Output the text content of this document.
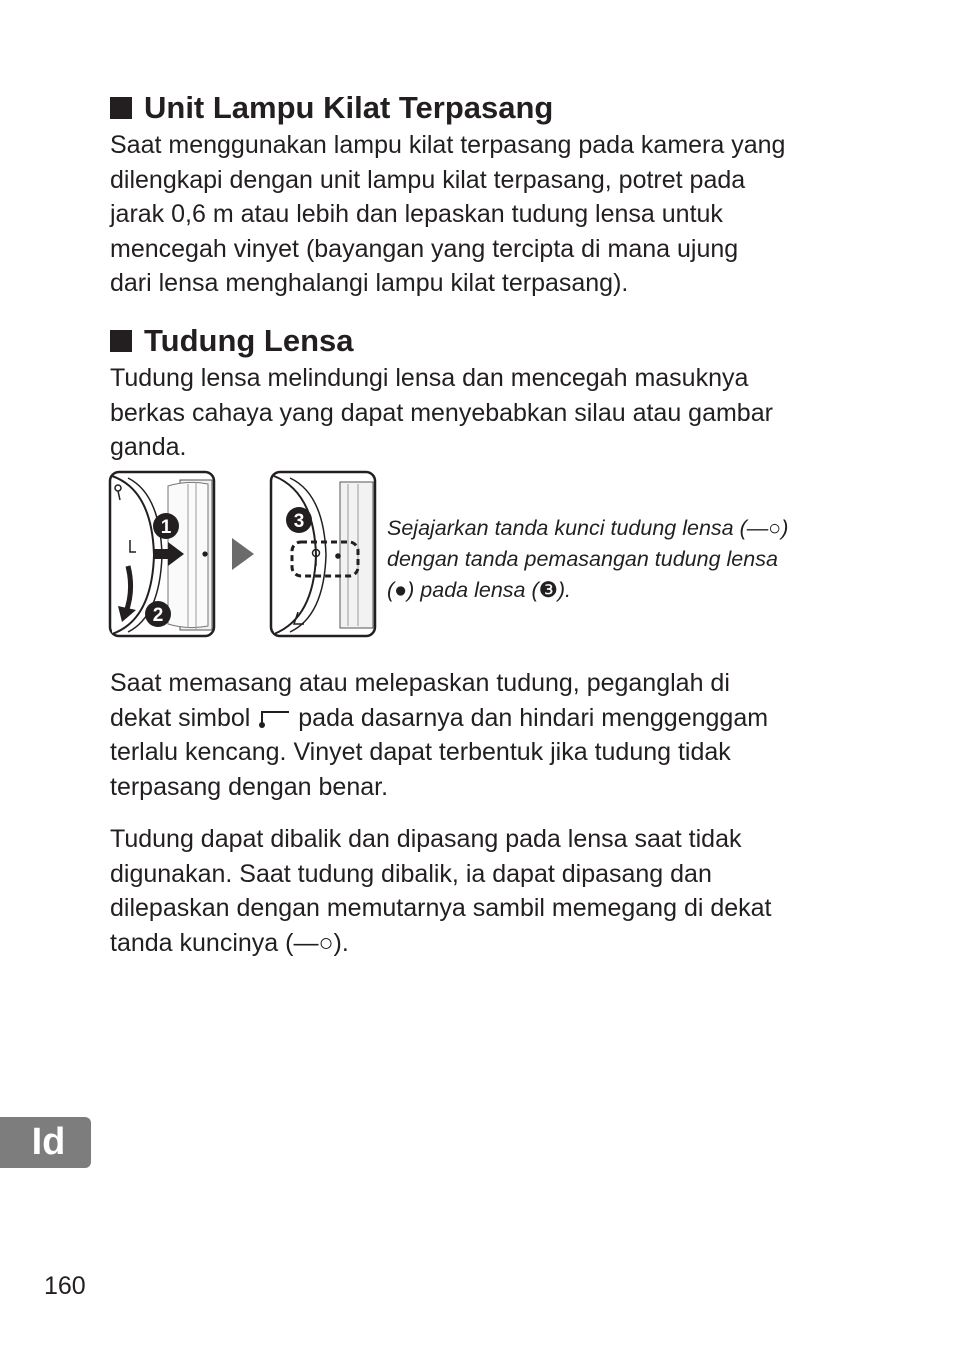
Unit Lampu Kilat Terpasang

Saat menggunakan lampu kilat terpasang pada kamera yang
dilengkapi dengan unit lampu kilat terpasang, potret pada
jarak 0,6 m atau lebih dan lepaskan tudung lensa untuk
mencegah vinyet (bayangan yang tercipta di mana ujung
dari lensa menghalangi lampu kilat terpasang).

Tudung Lensa

Tudung lensa melindungi lensa dan mencegah masuknya
berkas cahaya yang dapat menyebabkan silau atau gambar
ganda.

1
2
3	Sejajarkan tanda kunci tudung lensa (—○)
dengan tanda pemasangan tudung lensa
(●) pada lensa (❸).

Saat memasang atau melepaskan tudung, peganglah di
dekat simbol pada dasarnya dan hindari menggenggam
terlalu kencang. Vinyet dapat terbentuk jika tudung tidak
terpasang dengan benar.

Tudung dapat dibalik dan dipasang pada lensa saat tidak
digunakan. Saat tudung dibalik, ia dapat dipasang dan
dilepaskan dengan memutarnya sambil memegang di dekat
tanda kuncinya (—○).

Id
160
